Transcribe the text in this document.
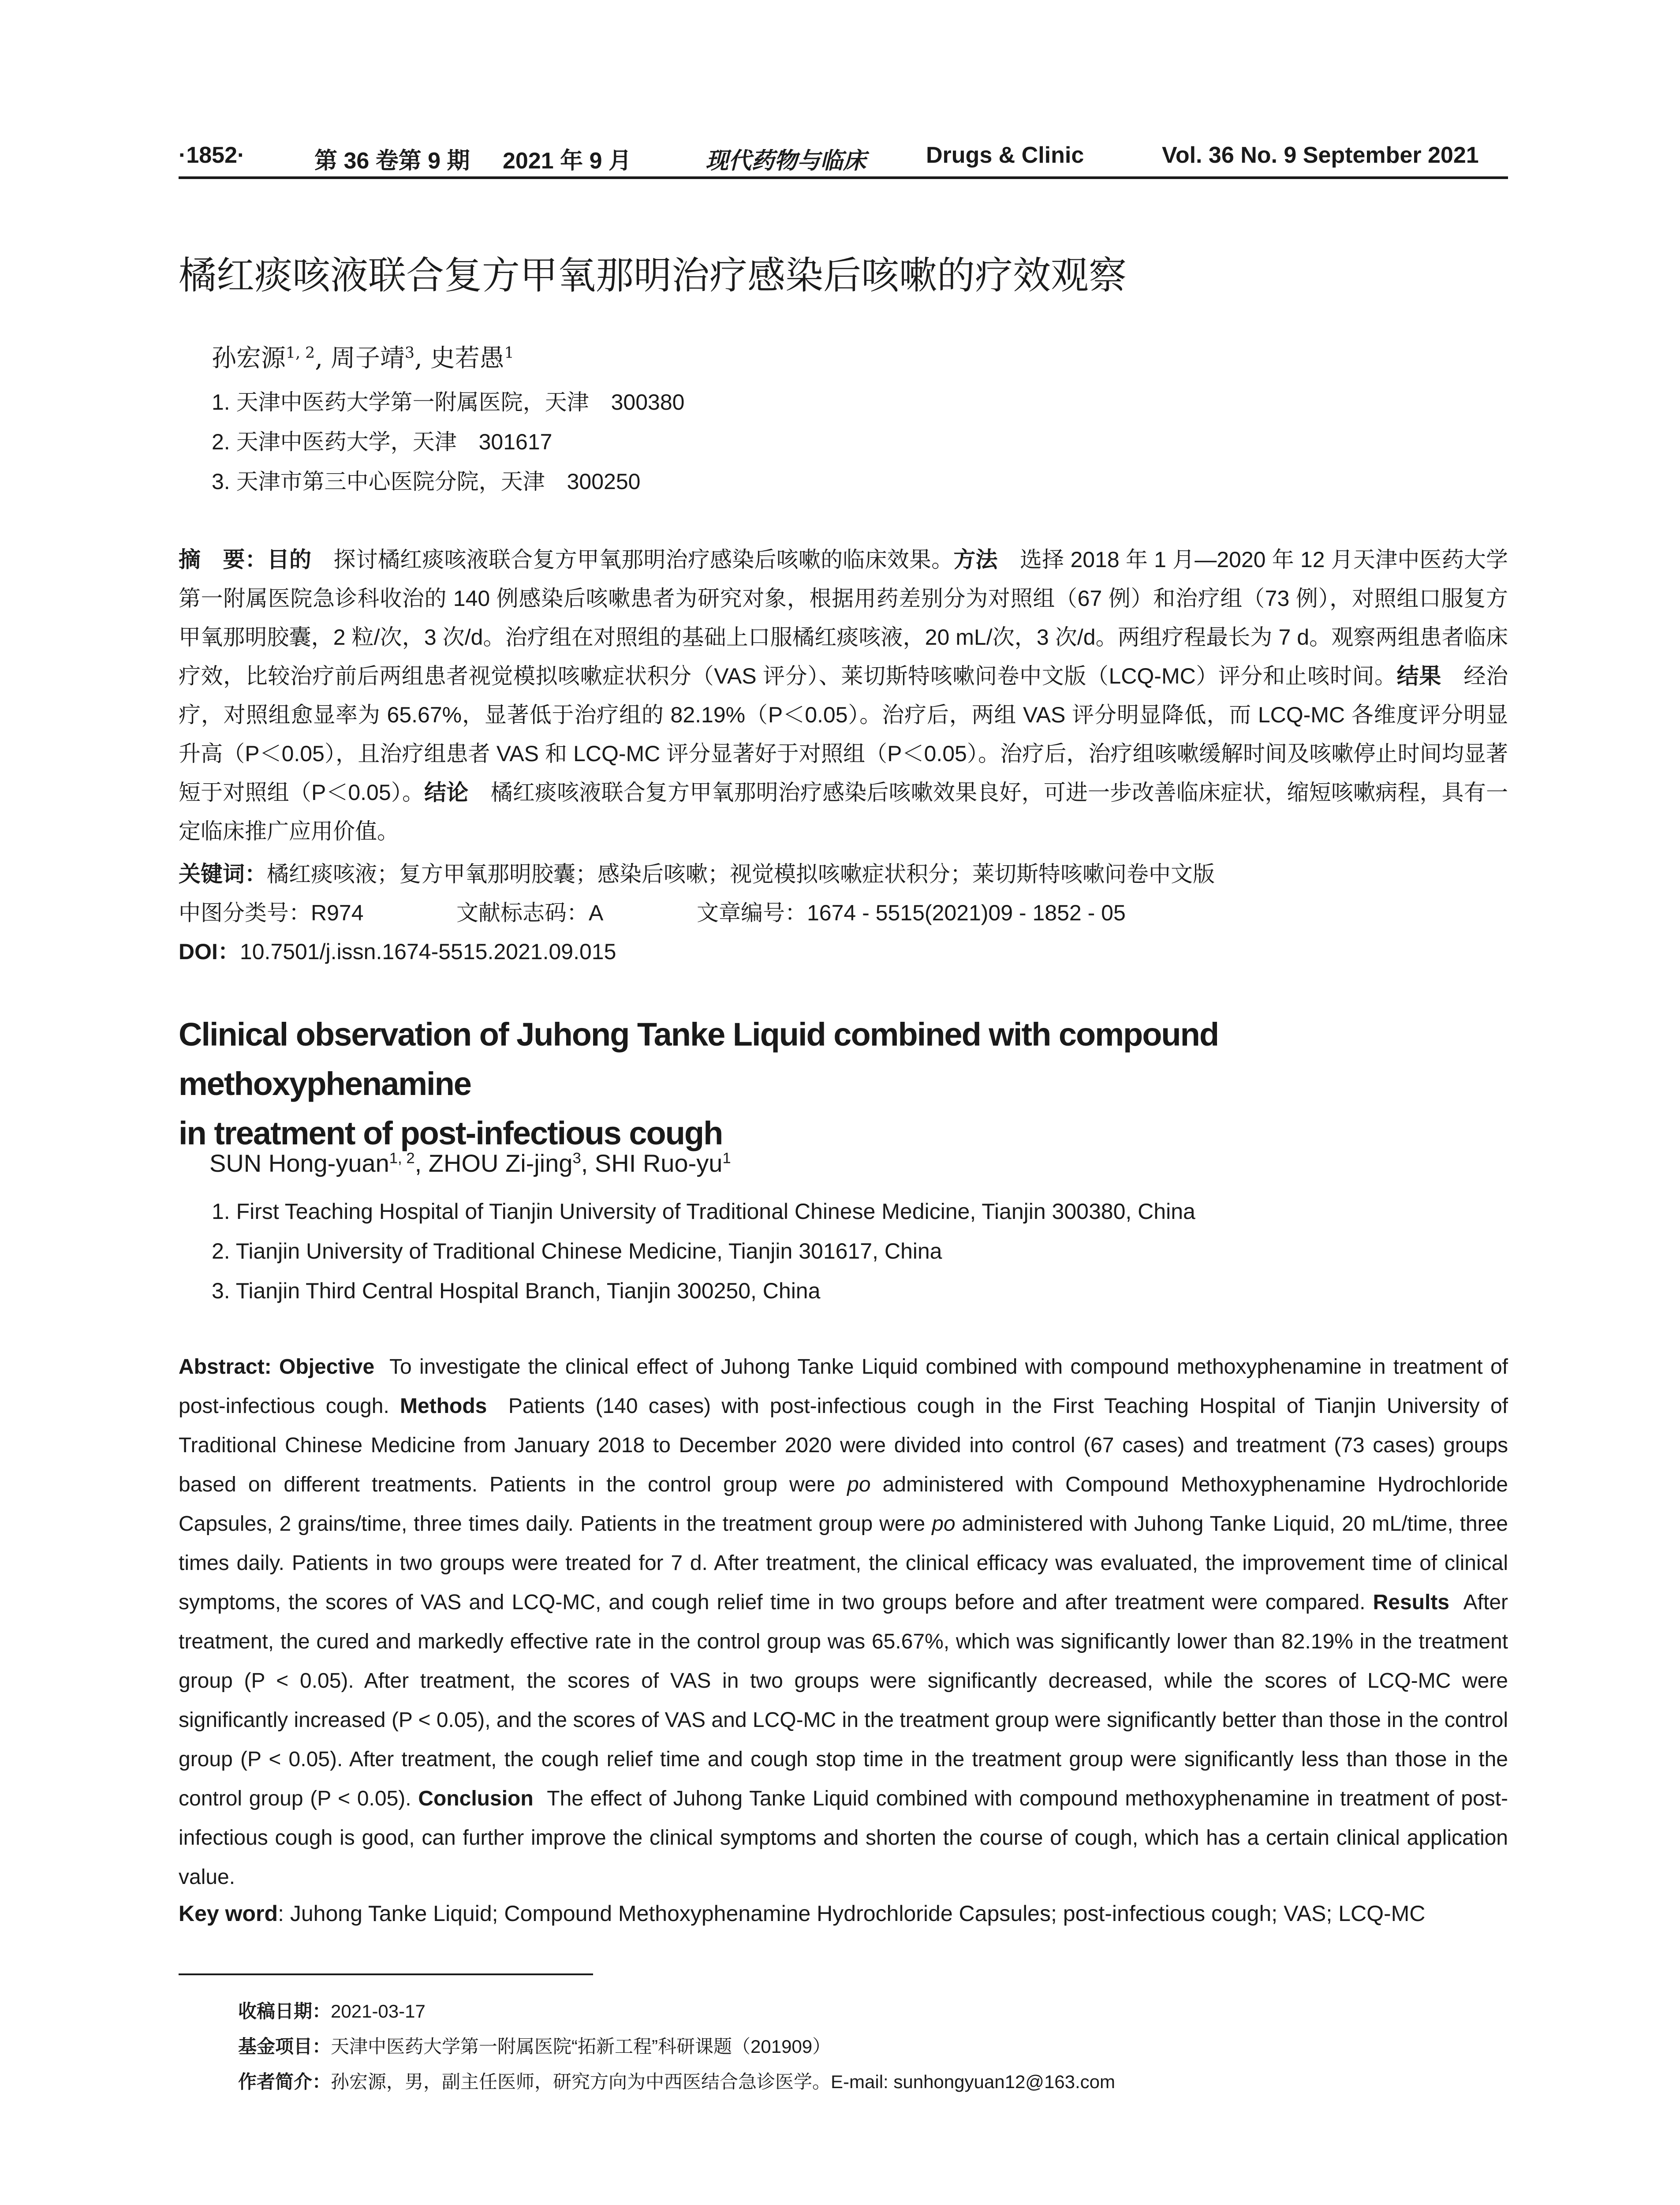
·1852·	第 36 卷第 9 期 2021 年 9 月	现代药物与临床	Drugs & Clinic	Vol. 36 No. 9 September 2021
橘红痰咳液联合复方甲氧那明治疗感染后咳嗽的疗效观察
孙宏源$^{1, 2}$, 周子靖$^3$, 史若愚$^1$
1. 天津中医药大学第一附属医院，天津　300380
2. 天津中医药大学，天津　301617
3. 天津市第三中心医院分院，天津　300250
摘　要：目的　 探讨橘红痰咳液联合复方甲氧那明治疗感染后咳嗽的临床效果。方法　 选择 2018 年 1 月—2020 年 12 月天津中医药大学第一附属医院急诊科收治的 140 例感染后咳嗽患者为研究对象，根据用药差别分为对照组（67 例）和治疗组（73 例），对照组口服复方甲氧那明胶囊，2 粒/次，3 次/d。治疗组在对照组的基础上口服橘红痰咳液，20 mL/次，3 次/d。两组疗程最长为 7 d。观察两组患者临床疗效，比较治疗前后两组患者视觉模拟咳嗽症状积分（VAS 评分）、莱切斯特咳嗽问卷中文版（LCQ-MC）评分和止咳时间。结果　 经治疗，对照组愈显率为 65.67%，显著低于治疗组的 82.19%（P＜0.05）。治疗后，两组 VAS 评分明显降低，而 LCQ-MC 各维度评分明显升高（P＜0.05），且治疗组患者 VAS 和 LCQ-MC 评分显著好于对照组（P＜0.05）。治疗后，治疗组咳嗽缓解时间及咳嗽停止时间均显著短于对照组（P＜0.05）。结论　 橘红痰咳液联合复方甲氧那明治疗感染后咳嗽效果良好，可进一步改善临床症状，缩短咳嗽病程，具有一定临床推广应用价值。
关键词：橘红痰咳液；复方甲氧那明胶囊；感染后咳嗽；视觉模拟咳嗽症状积分；莱切斯特咳嗽问卷中文版
中图分类号：R974	文献标志码：A	文章编号：1674 - 5515(2021)09 - 1852 - 05
DOI：10.7501/j.issn.1674-5515.2021.09.015
Clinical observation of Juhong Tanke Liquid combined with compound methoxyphenamine
in treatment of post-infectious cough
SUN Hong-yuan$^{1, 2}$, ZHOU Zi-jing$^3$, SHI Ruo-$yu^1$
1. First Teaching Hospital of Tianjin University of Traditional Chinese Medicine, Tianjin 300380, China
2. Tianjin University of Traditional Chinese Medicine, Tianjin 301617, China
3. Tianjin Third Central Hospital Branch, Tianjin 300250, China
Abstract: Objective To investigate the clinical effect of Juhong Tanke Liquid combined with compound methoxyphenamine in treatment of post-infectious cough. Methods Patients (140 cases) with post-infectious cough in the First Teaching Hospital of Tianjin University of Traditional Chinese Medicine from January 2018 to December 2020 were divided into control (67 cases) and treatment (73 cases) groups based on different treatments. Patients in the control group were po administered with Compound Methoxyphenamine Hydrochloride Capsules, 2 grains/time, three times daily. Patients in the treatment group were po administered with Juhong Tanke Liquid, 20 mL/time, three times daily. Patients in two groups were treated for 7 d. After treatment, the clinical efficacy was evaluated, the improvement time of clinical symptoms, the scores of VAS and LCQ-MC, and cough relief time in two groups before and after treatment were compared. Results After treatment, the cured and markedly effective rate in the control group was 65.67%, which was significantly lower than 82.19% in the treatment group (P < 0.05). After treatment, the scores of VAS in two groups were significantly decreased, while the scores of LCQ-MC were significantly increased (P < 0.05), and the scores of VAS and LCQ-MC in the treatment group were significantly better than those in the control group (P < 0.05). After treatment, the cough relief time and cough stop time in the treatment group were significantly less than those in the control group (P < 0.05). Conclusion The effect of Juhong Tanke Liquid combined with compound methoxyphenamine in treatment of post-infectious cough is good, can further improve the clinical symptoms and shorten the course of cough, which has a certain clinical application value.
Key word: Juhong Tanke Liquid; Compound Methoxyphenamine Hydrochloride Capsules; post-infectious cough; VAS; LCQ-MC
收稿日期：2021-03-17
基金项目：天津中医药大学第一附属医院“拓新工程”科研课题（201909）
作者简介：孙宏源，男，副主任医师，研究方向为中西医结合急诊医学。E-mail: sunhongyuan12@163.com
